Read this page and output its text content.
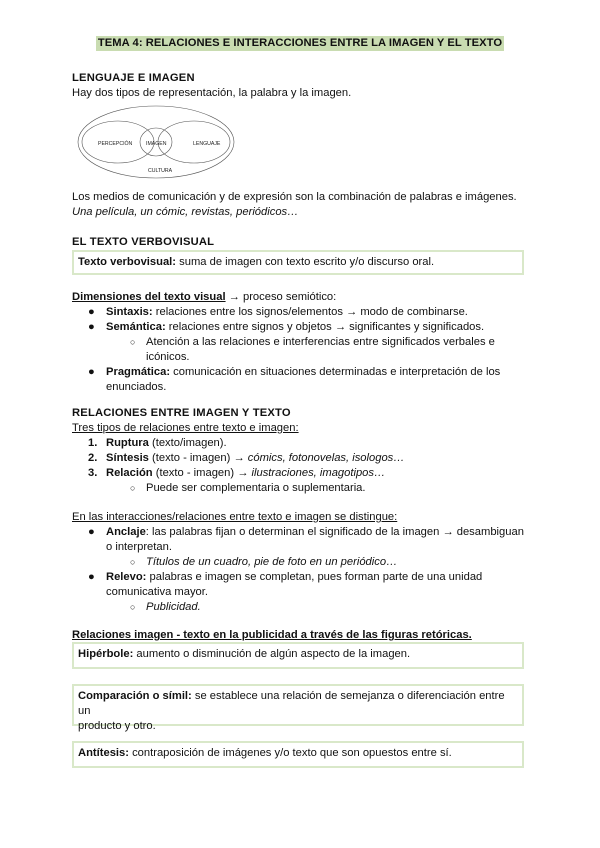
TEMA 4: RELACIONES E INTERACCIONES ENTRE LA IMAGEN Y EL TEXTO
LENGUAJE E IMAGEN
Hay dos tipos de representación, la palabra y la imagen.
PERCEPCIÓN	IMAGEN	LENGUAJE
CULTURA
Los medios de comunicación y de expresión son la combinación de palabras e imágenes.
Una película, un cómic, revistas, periódicos…
EL TEXTO VERBOVISUAL
Texto verbovisual: suma de imagen con texto escrito y/o discurso oral.
Dimensiones del texto visual → proceso semiótico:
● Sintaxis: relaciones entre los signos/elementos → modo de combinarse.
● Semántica: relaciones entre signos y objetos → significantes y significados.
○ Atención a las relaciones e interferencias entre significados verbales e
icónicos.
● Pragmática: comunicación en situaciones determinadas e interpretación de los
enunciados.
RELACIONES ENTRE IMAGEN Y TEXTO
Tres tipos de relaciones entre texto e imagen:
1. Ruptura (texto/imagen).
2. Síntesis (texto - imagen) → cómics, fotonovelas, isologos…
3. Relación (texto - imagen) → ilustraciones, imagotipos…
○ Puede ser complementaria o suplementaria.
En las interacciones/relaciones entre texto e imagen se distingue:
● Anclaje: las palabras fijan o determinan el significado de la imagen → desambiguan
o interpretan.
○ Títulos de un cuadro, pie de foto en un periódico…
● Relevo: palabras e imagen se completan, pues forman parte de una unidad
comunicativa mayor.
○ Publicidad.
Relaciones imagen - texto en la publicidad a través de las figuras retóricas.
Hipérbole: aumento o disminución de algún aspecto de la imagen.
Comparación o símil: se establece una relación de semejanza o diferenciación entre un
producto y otro.
Antítesis: contraposición de imágenes y/o texto que son opuestos entre sí.
